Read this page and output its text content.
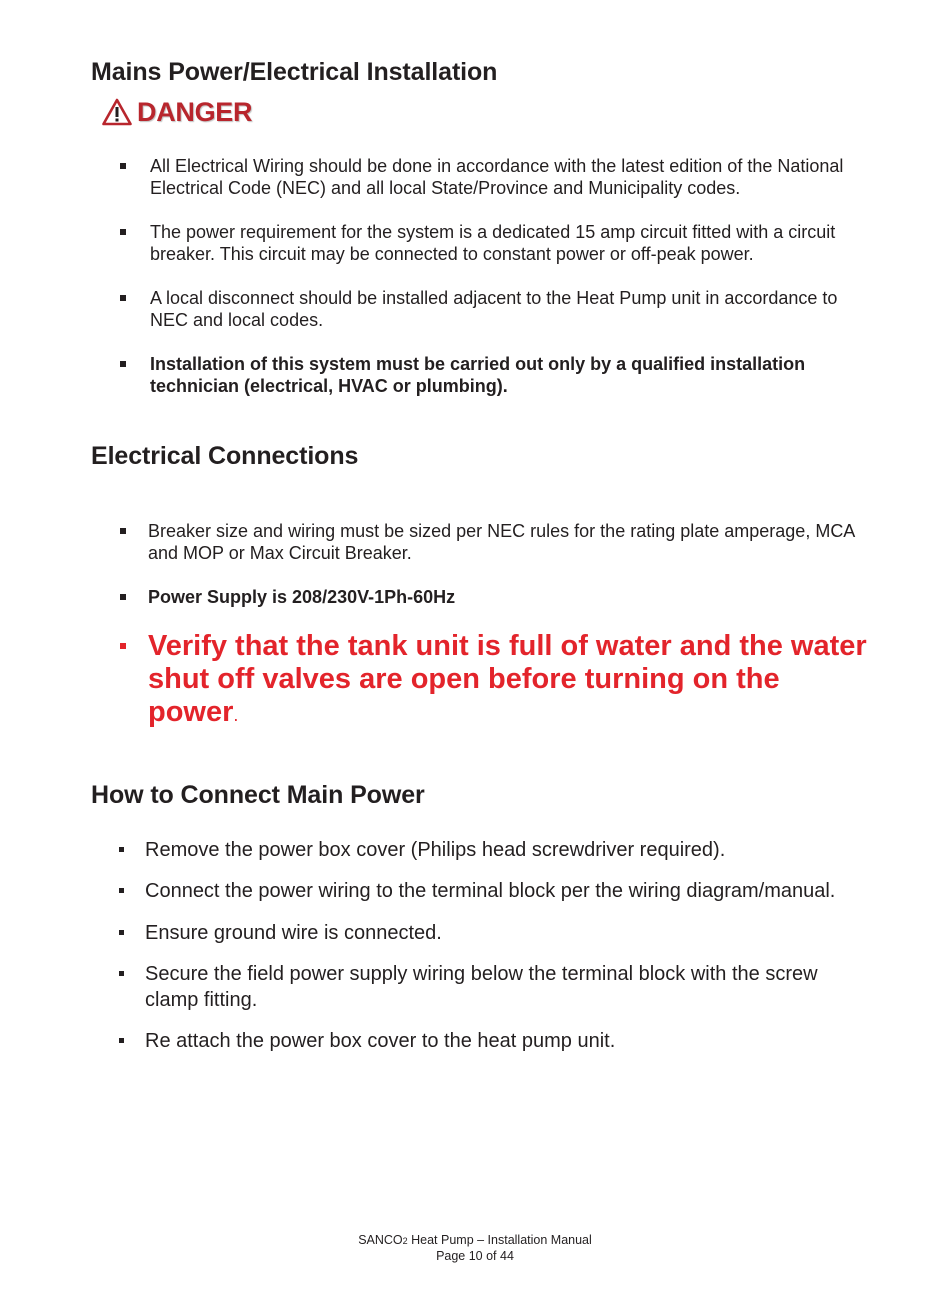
Mains Power/Electrical Installation
DANGER
All Electrical Wiring should be done in accordance with the latest edition of the National Electrical Code (NEC) and all local State/Province and Municipality codes.
The power requirement for the system is a dedicated 15 amp circuit fitted with a circuit breaker. This circuit may be connected to constant power or off-peak power.
A local disconnect should be installed adjacent to the Heat Pump unit in accordance to NEC and local codes.
Installation of this system must be carried out only by a qualified installation technician (electrical, HVAC or plumbing).
Electrical Connections
Breaker size and wiring must be sized per NEC rules for the rating plate amperage, MCA and MOP or Max Circuit Breaker.
Power Supply is 208/230V-1Ph-60Hz
Verify that the tank unit is full of water and the water shut off valves are open before turning on the power.
How to Connect Main Power
Remove the power box cover (Philips head screwdriver required).
Connect the power wiring to the terminal block per the wiring diagram/manual.
Ensure ground wire is connected.
Secure the field power supply wiring below the terminal block with the screw clamp fitting.
Re attach the power box cover to the heat pump unit.
SANCO2 Heat Pump – Installation Manual
Page 10 of 44
